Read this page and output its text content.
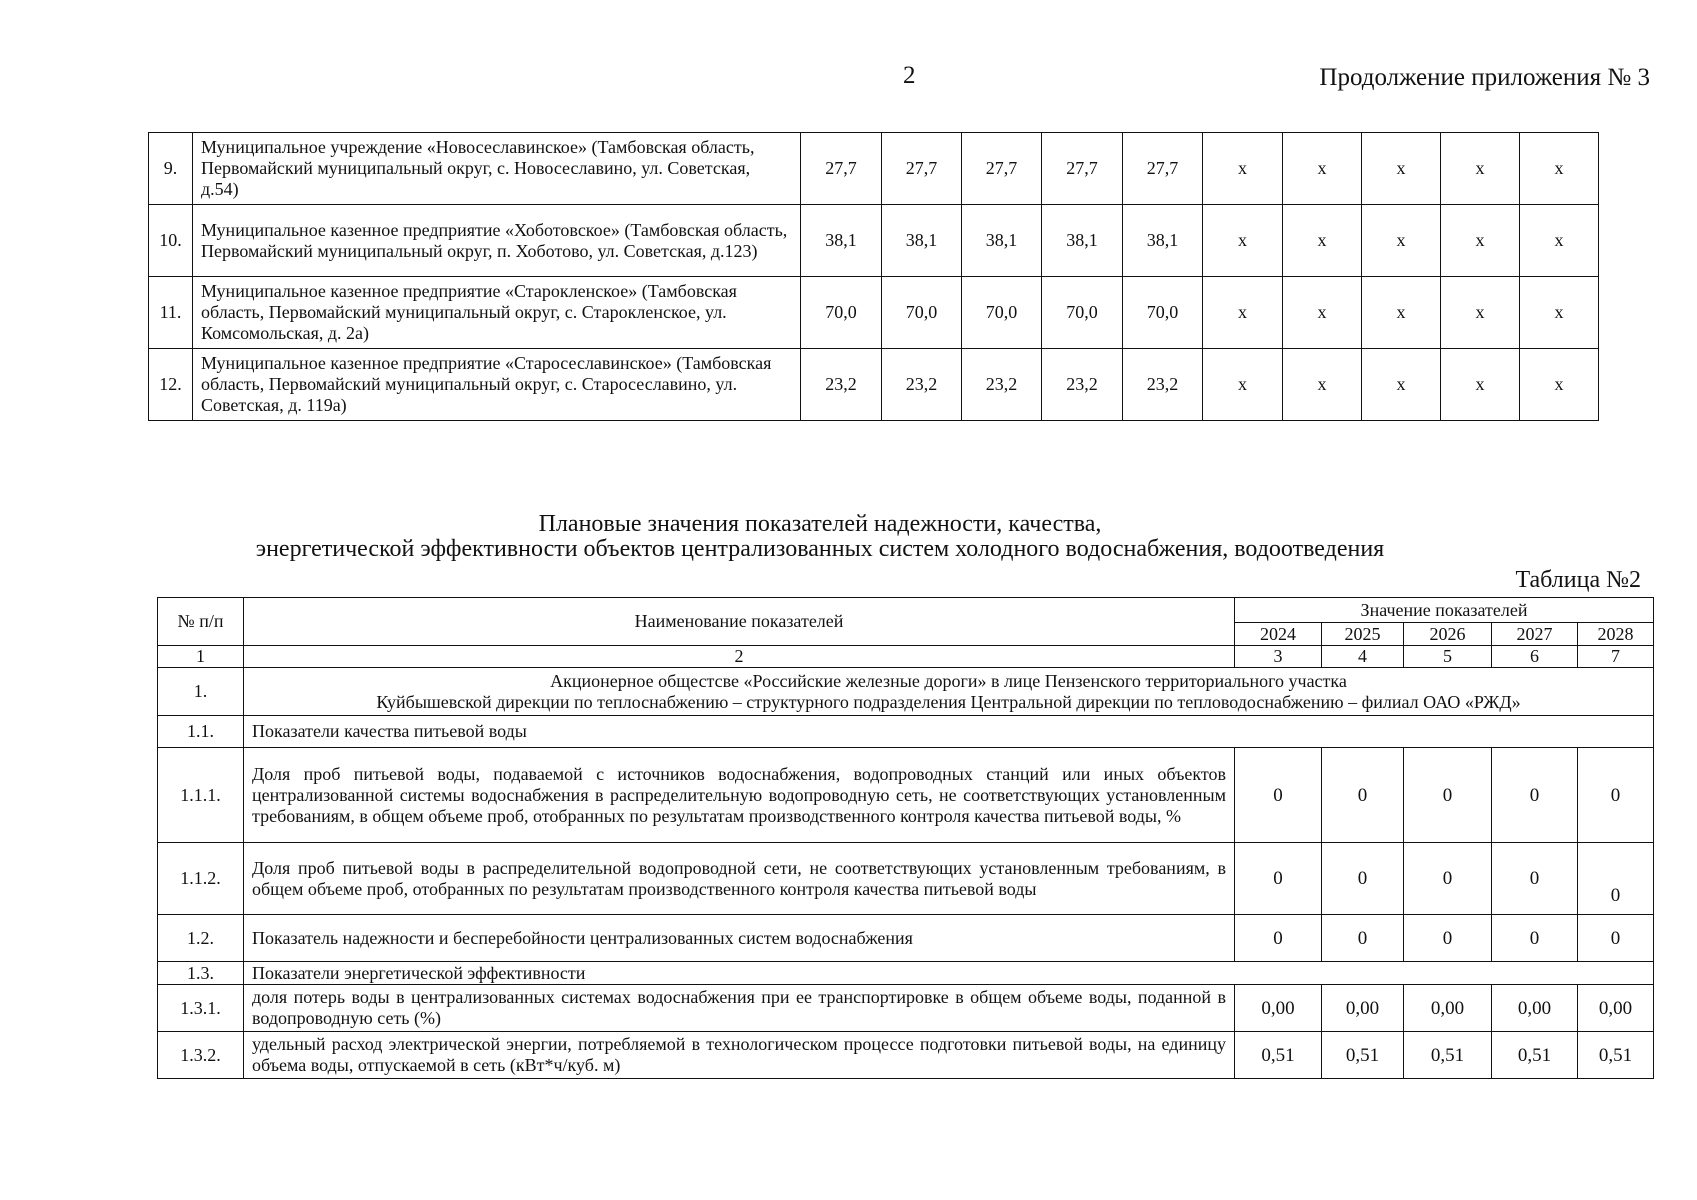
2	Продолжение приложения № 3
9.	Муниципальное учреждение «Новосеславинское» (Тамбовская область, Первомайский муниципальный округ, с. Новосеславино, ул. Советская, д.54)	27,7	27,7	27,7	27,7	27,7	х	х	х	х	х
10.	Муниципальное казенное предприятие «Хоботовское» (Тамбовская область, Первомайский муниципальный округ, п. Хоботово, ул. Советская, д.123)	38,1	38,1	38,1	38,1	38,1	х	х	х	х	х
11.	Муниципальное казенное предприятие «Старокленское» (Тамбовская область, Первомайский муниципальный округ, с. Старокленское, ул. Комсомольская, д. 2а)	70,0	70,0	70,0	70,0	70,0	х	х	х	х	х
12.	Муниципальное казенное предприятие «Старосеславинское» (Тамбовская область, Первомайский муниципальный округ, с. Старосеславино, ул. Советская, д. 119а)	23,2	23,2	23,2	23,2	23,2	х	х	х	х	х
Плановые значения показателей надежности, качества,
энергетической эффективности объектов централизованных систем холодного водоснабжения, водоотведения
Таблица №2
№ п/п	Наименование показателей	Значение показателей				
		2024	2025	2026	2027	2028
1	2	3	4	5	6	7
1.	Акционерное общестсве «Российские железные дороги» в лице Пензенского территориального участка
Куйбышевской дирекции по теплоснабжению – структурного подразделения Центральной дирекции по тепловодоснабжению – филиал ОАО «РЖД»					

1.1.	Показатели качества питьевой воды					
1.1.1.	Доля проб питьевой воды, подаваемой с источников водоснабжения, водопроводных станций или иных объектов централизованной системы водоснабжения в распределительную водопроводную сеть, не соответствующих установленным требованиям, в общем объеме проб, отобранных по результатам производственного контроля качества питьевой воды, %	0	0	0	0	0
1.1.2.	Доля проб питьевой воды в распределительной водопроводной сети, не соответствующих установленным требованиям, в общем объеме проб, отобранных по результатам производственного контроля качества питьевой воды	0	0	0	0	0
1.2.	Показатель надежности и бесперебойности централизованных систем водоснабжения	0	0	0	0	0
1.3.	Показатели энергетической эффективности					
1.3.1.	доля потерь воды в централизованных системах водоснабжения при ее транспортировке в общем объеме воды, поданной в водопроводную сеть (%)	0,00	0,00	0,00	0,00	0,00
1.3.2.	удельный расход электрической энергии, потребляемой в технологическом процессе подготовки питьевой воды, на единицу объема воды, отпускаемой в сеть (кВт*ч/куб. м)	0,51	0,51	0,51	0,51	0,51
